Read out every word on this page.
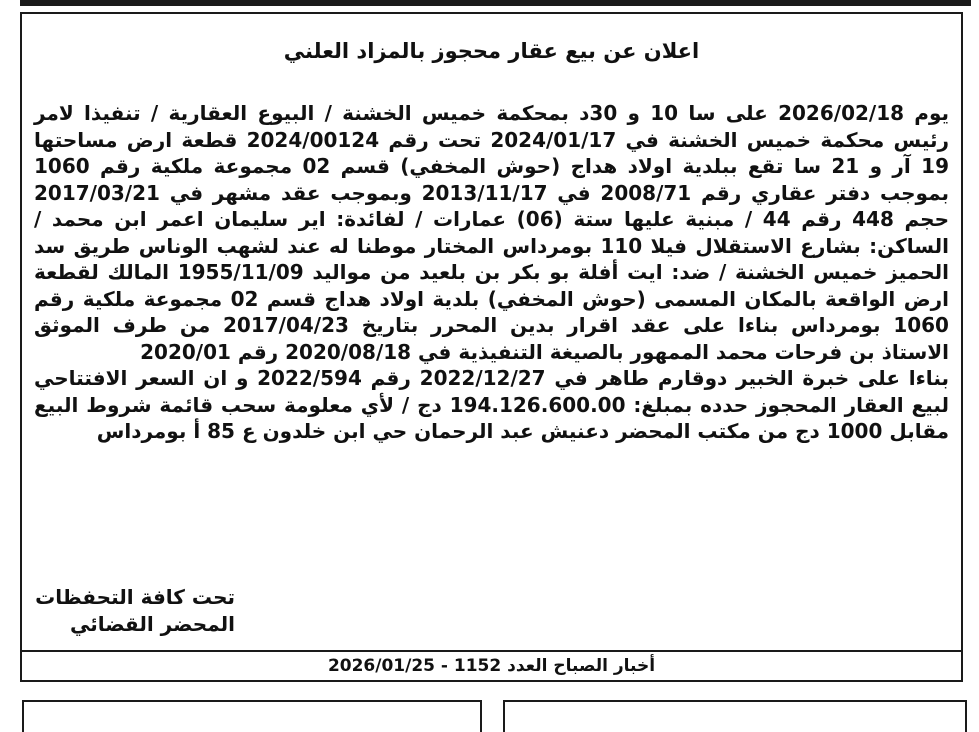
اعلان عن بيع عقار محجوز بالمزاد العلني

يوم 2026/02/18 على سا 10 و 30د بمحكمة خميس الخشنة / البيوع العقارية / تنفيذا لامر رئيس محكمة خميس الخشنة في 2024/01/17 تحت رقم 2024/00124 قطعة ارض مساحتها 19 آر و 21 سا تقع ببلدية اولاد هداج (حوش المخفي) قسم 02 مجموعة ملكية رقم 1060 بموجب دفتر عقاري رقم 2008/71 في 2013/11/17 وبموجب عقد مشهر في 2017/03/21 حجم 448 رقم 44 / مبنية عليها ستة (06) عمارات / لفائدة: اير سليمان اعمر ابن محمد / الساكن: بشارع الاستقلال فيلا 110 بومرداس المختار موطنا له عند لشهب الوناس طريق سد الحميز خميس الخشنة / ضد: ايت أفلة بو بكر بن بلعيد من مواليد 1955/11/09 المالك لقطعة ارض الواقعة بالمكان المسمى (حوش المخفي) بلدية اولاد هداج قسم 02 مجموعة ملكية رقم 1060 بومرداس بناءا على عقد اقرار بدين المحرر بتاريخ 2017/04/23 من طرف الموثق الاستاذ بن فرحات محمد الممهور بالصيغة التنفيذية في 2020/08/18 رقم 2020/01

بناءا على خبرة الخبير دوقارم طاهر في 2022/12/27 رقم 2022/594 و ان السعر الافتتاحي لبيع العقار المحجوز حدده بمبلغ: 194.126.600.00 دج / لأي معلومة سحب قائمة شروط البيع مقابل 1000 دج من مكتب المحضر دعنيش عبد الرحمان حي ابن خلدون ع 85 أ بومرداس

تحت كافة التحفظات
المحضر القضائي
أخبار الصباح العدد 1152 - 2026/01/25
